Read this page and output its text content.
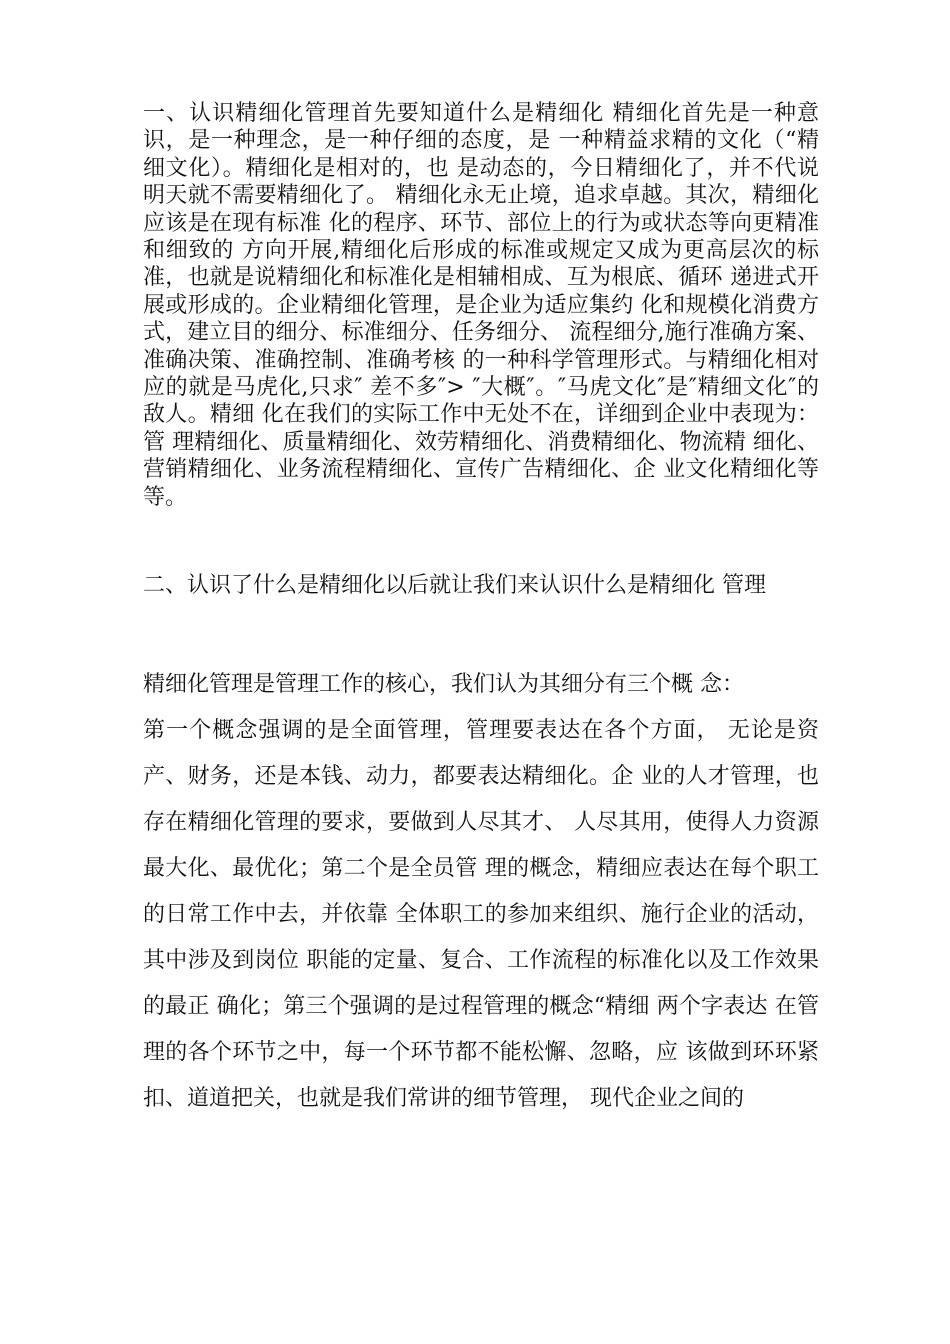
一、认识精细化管理首先要知道什么是精细化 精细化首先是一种意识，是一种理念，是一种仔细的态度，是 一种精益求精的文化（“精细文化）。精细化是相对的，也 是动态的，今日精细化了，并不代说明天就不需要精细化了。 精细化永无止境，追求卓越。其次，精细化应该是在现有标准 化的程序、环节、部位上的行为或状态等向更精准和细致的 方向开展,精细化后形成的标准或规定又成为更高层次的标 准，也就是说精细化和标准化是相辅相成、互为根底、循环 递进式开展或形成的。企业精细化管理，是企业为适应集约 化和规模化消费方式，建立目的细分、标准细分、任务细分、 流程细分,施行准确方案、准确决策、准确控制、准确考核 的一种科学管理形式。与精细化相对应的就是马虎化,只求″ 差不多″> ″大概″。″马虎文化″是″精细文化″的敌人。精细 化在我们的实际工作中无处不在，详细到企业中表现为：管 理精细化、质量精细化、效劳精细化、消费精细化、物流精 细化、营销精细化、业务流程精细化、宣传广告精细化、企 业文化精细化等等。

二、认识了什么是精细化以后就让我们来认识什么是精细化 管理

精细化管理是管理工作的核心，我们认为其细分有三个概 念：

第一个概念强调的是全面管理，管理要表达在各个方面， 无论是资产、财务，还是本钱、动力，都要表达精细化。企 业的人才管理，也存在精细化管理的要求，要做到人尽其才、 人尽其用，使得人力资源最大化、最优化；第二个是全员管 理的概念，精细应表达在每个职工的日常工作中去，并依靠 全体职工的参加来组织、施行企业的活动，其中涉及到岗位 职能的定量、复合、工作流程的标准化以及工作效果的最正 确化；第三个强调的是过程管理的概念“精细 两个字表达 在管理的各个环节之中，每一个环节都不能松懈、忽略，应 该做到环环紧扣、道道把关，也就是我们常讲的细节管理， 现代企业之间的
